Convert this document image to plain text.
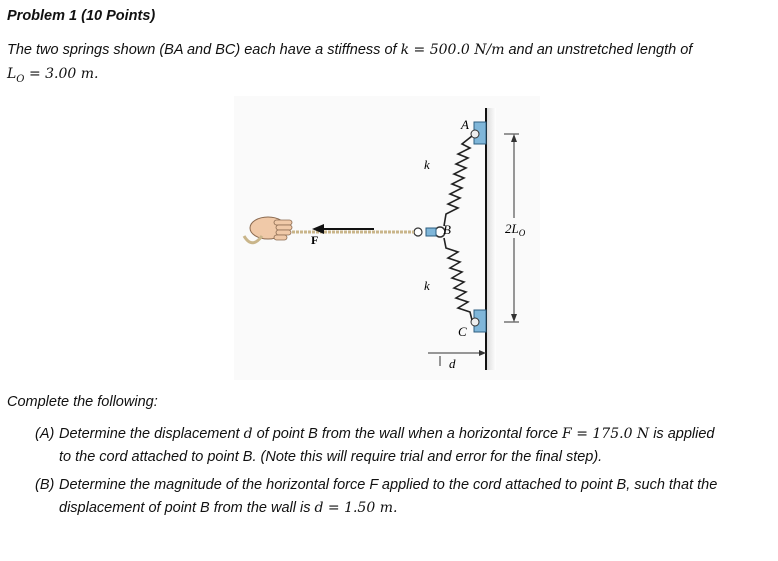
Problem 1 (10 Points)
The two springs shown (BA and BC) each have a stiffness of k = 500.0 N/m and an unstretched length of
$L_O = 3.00$ m.
A
B
C
k
k
F
d
$2L_O$
Complete the following:
(A) Determine the displacement d of point B from the wall when a horizontal force F = 175.0 N is applied
to the cord attached to point B. (Note this will require trial and error for the final step).
(B) Determine the magnitude of the horizontal force F applied to the cord attached to point B, such that the
displacement of point B from the wall is d = 1.50 m.
